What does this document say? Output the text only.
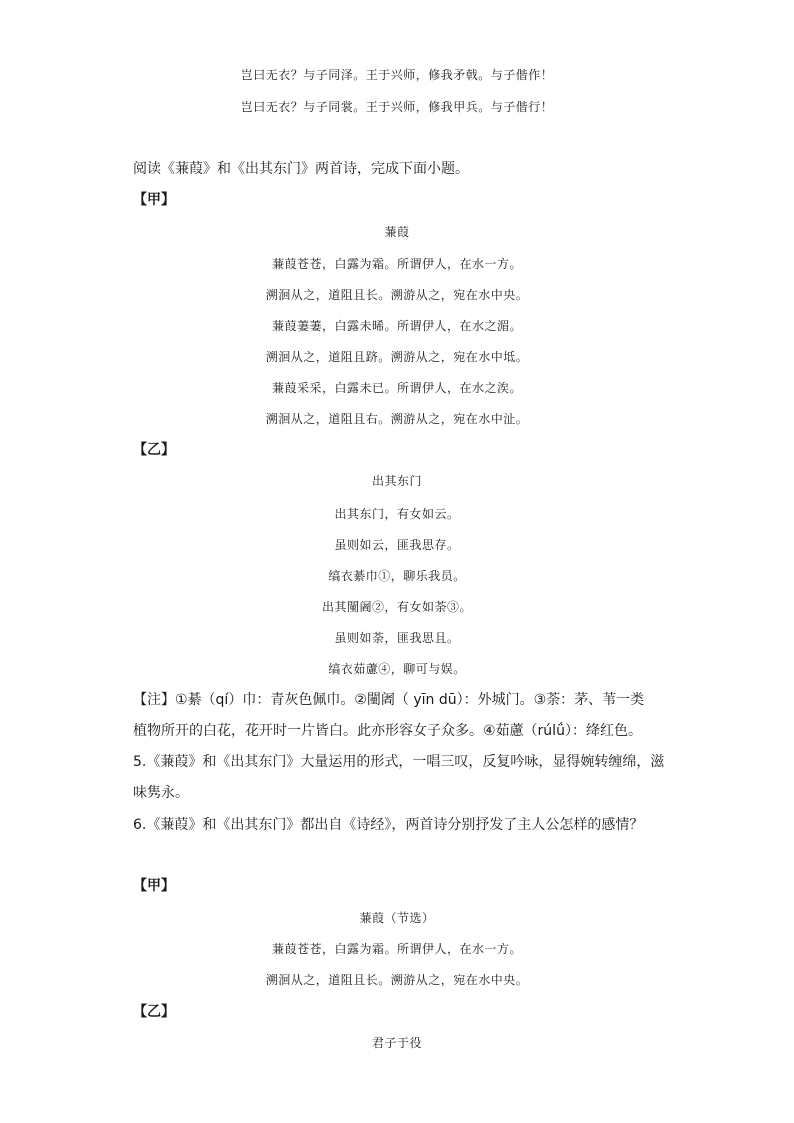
岂曰无衣？与子同泽。王于兴师，修我矛戟。与子偕作！
岂曰无衣？与子同裳。王于兴师，修我甲兵。与子偕行！
阅读《蒹葭》和《出其东门》两首诗，完成下面小题。
【甲】
蒹葭
蒹葭苍苍，白露为霜。所谓伊人，在水一方。
溯洄从之，道阻且长。溯游从之，宛在水中央。
蒹葭萋萋，白露未晞。所谓伊人，在水之湄。
溯洄从之，道阻且跻。溯游从之，宛在水中坻。
蒹葭采采，白露未已。所谓伊人，在水之涘。
溯洄从之，道阻且右。溯游从之，宛在水中沚。
【乙】
出其东门
出其东门，有女如云。
虽则如云，匪我思存。
缟衣綦巾①，聊乐我员。
出其闉阇②，有女如荼③。
虽则如荼，匪我思且。
缟衣茹藘④，聊可与娱。
【注】①綦（qí）巾：青灰色佩巾。②闉阇（ yīn dū）：外城门。③荼：茅、苇一类
植物所开的白花，花开时一片皆白。此亦形容女子众多。④茹藘（rúlǘ）：绛红色。
5.《蒹葭》和《出其东门》大量运用的形式，一唱三叹，反复吟咏，显得婉转缠绵，滋
味隽永。
6.《蒹葭》和《出其东门》都出自《诗经》，两首诗分别抒发了主人公怎样的感情？
【甲】
蒹葭（节选）
蒹葭苍苍，白露为霜。所谓伊人，在水一方。
溯洄从之，道阻且长。溯游从之，宛在水中央。
【乙】
君子于役
